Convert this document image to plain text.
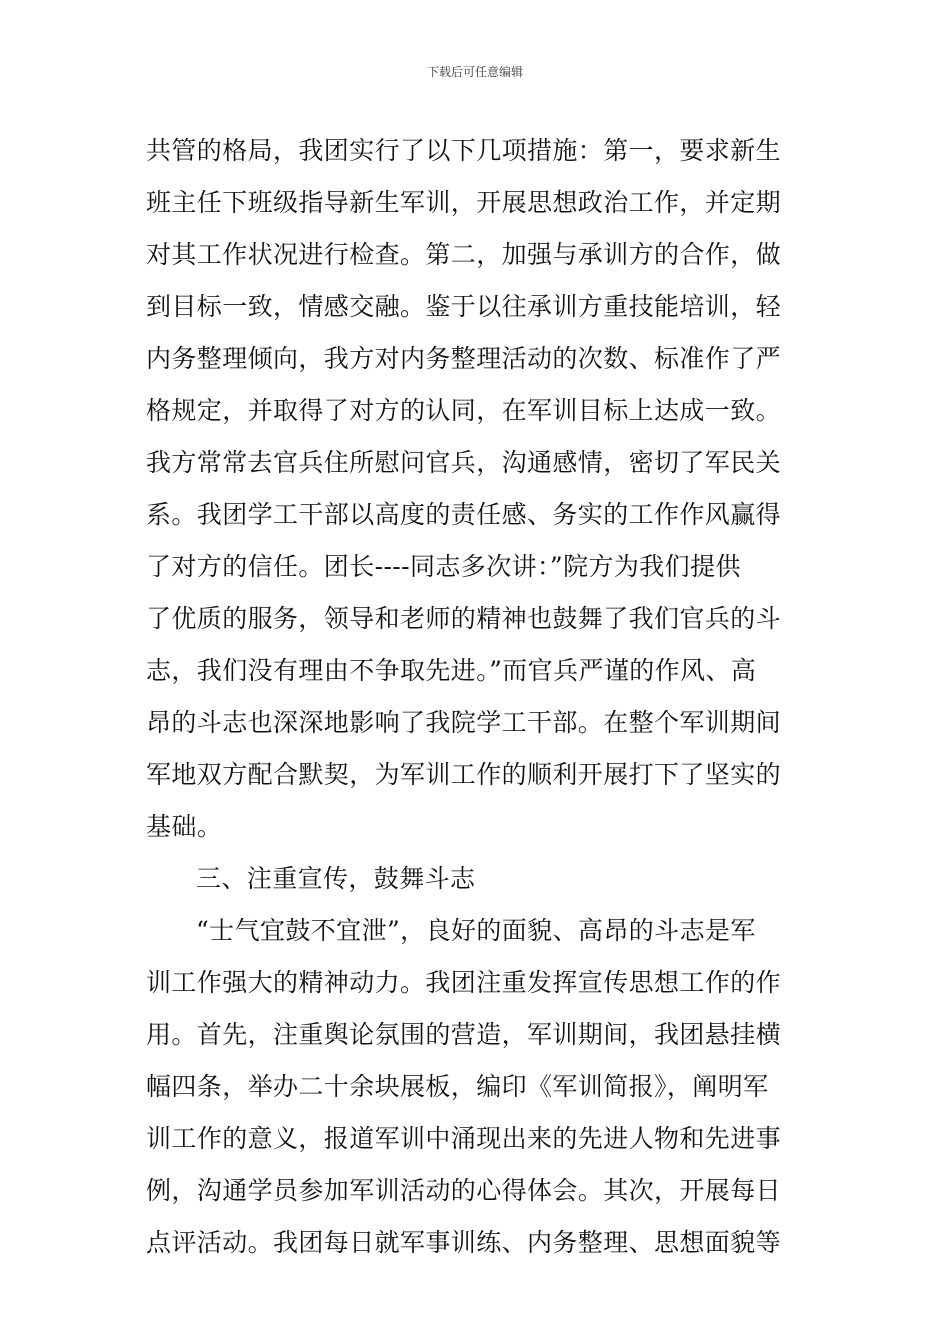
下载后可任意编辑
共管的格局，我团实行了以下几项措施：第一，要求新生
班主任下班级指导新生军训，开展思想政治工作，并定期
对其工作状况进行检查。第二，加强与承训方的合作，做
到目标一致，情感交融。鉴于以往承训方重技能培训，轻
内务整理倾向，我方对内务整理活动的次数、标准作了严
格规定，并取得了对方的认同，在军训目标上达成一致。
我方常常去官兵住所慰问官兵，沟通感情，密切了军民关
系。我团学工干部以高度的责任感、务实的工作作风赢得
了对方的信任。团长----同志多次讲：”院方为我们提供
了优质的服务，领导和老师的精神也鼓舞了我们官兵的斗
志，我们没有理由不争取先进。”而官兵严谨的作风、高
昂的斗志也深深地影响了我院学工干部。在整个军训期间
军地双方配合默契，为军训工作的顺利开展打下了坚实的
基础。
三、注重宣传，鼓舞斗志
“士气宜鼓不宜泄”，良好的面貌、高昂的斗志是军
训工作强大的精神动力。我团注重发挥宣传思想工作的作
用。首先，注重舆论氛围的营造，军训期间，我团悬挂横
幅四条，举办二十余块展板，编印《军训简报》，阐明军
训工作的意义，报道军训中涌现出来的先进人物和先进事
例，沟通学员参加军训活动的心得体会。其次，开展每日
点评活动。我团每日就军事训练、内务整理、思想面貌等
